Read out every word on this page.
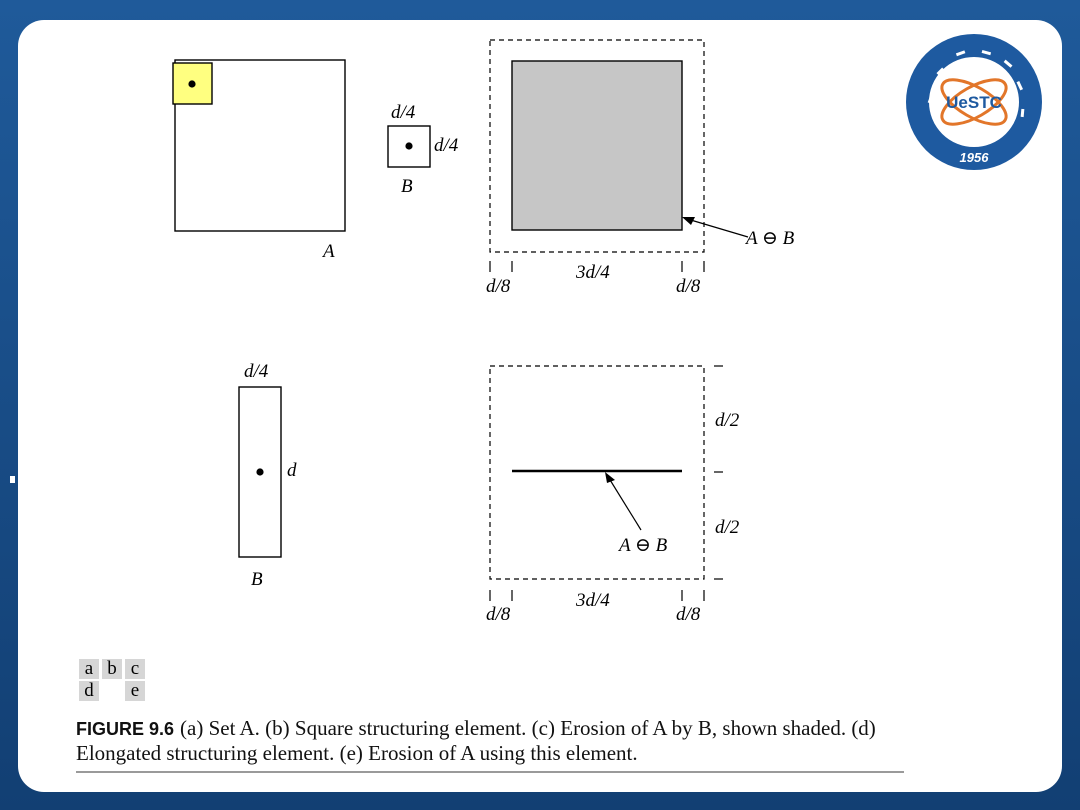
A
d/4
d/4
B
A ⊖ B
d/8
3d/4
d/8
d/4
d
B
A ⊖ B
d/2
d/2
d/8
3d/4
d/8
a	b	c
d		e
FIGURE 9.6 (a) Set A. (b) Square structuring element. (c) Erosion of A by B, shown shaded. (d) Elongated structuring element. (e) Erosion of A using this element.
UeSTC
1956
